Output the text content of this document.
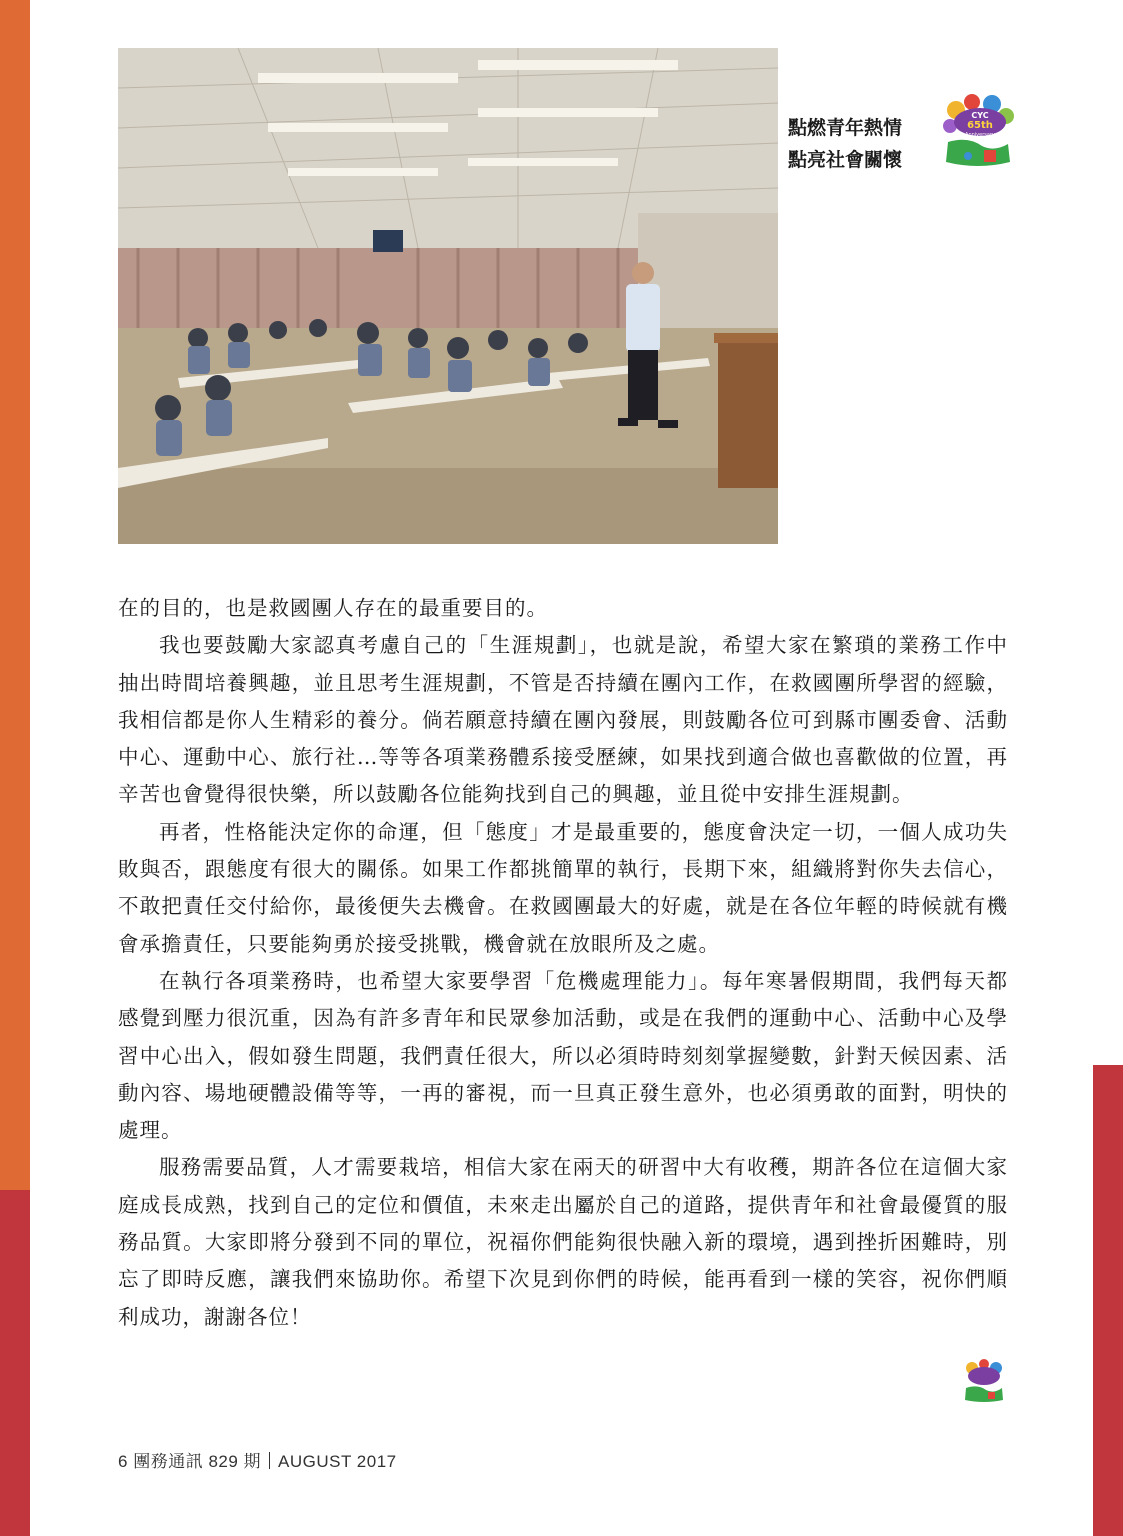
點燃青年熱情
點亮社會關懷
CYC
65th
Anniversary

在的目的，也是救國團人存在的最重要目的。

我也要鼓勵大家認真考慮自己的「生涯規劃」，也就是說，希望大家在繁瑣的業務工作中抽出時間培養興趣，並且思考生涯規劃，不管是否持續在團內工作，在救國團所學習的經驗，我相信都是你人生精彩的養分。倘若願意持續在團內發展，則鼓勵各位可到縣市團委會、活動中心、運動中心、旅行社…等等各項業務體系接受歷練，如果找到適合做也喜歡做的位置，再辛苦也會覺得很快樂，所以鼓勵各位能夠找到自己的興趣，並且從中安排生涯規劃。

再者，性格能決定你的命運，但「態度」才是最重要的，態度會決定一切，一個人成功失敗與否，跟態度有很大的關係。如果工作都挑簡單的執行，長期下來，組織將對你失去信心，不敢把責任交付給你，最後便失去機會。在救國團最大的好處，就是在各位年輕的時候就有機會承擔責任，只要能夠勇於接受挑戰，機會就在放眼所及之處。

在執行各項業務時，也希望大家要學習「危機處理能力」。每年寒暑假期間，我們每天都感覺到壓力很沉重，因為有許多青年和民眾參加活動，或是在我們的運動中心、活動中心及學習中心出入，假如發生問題，我們責任很大，所以必須時時刻刻掌握變數，針對天候因素、活動內容、場地硬體設備等等，一再的審視，而一旦真正發生意外，也必須勇敢的面對，明快的處理。

服務需要品質，人才需要栽培，相信大家在兩天的研習中大有收穫，期許各位在這個大家庭成長成熟，找到自己的定位和價值，未來走出屬於自己的道路，提供青年和社會最優質的服務品質。大家即將分發到不同的單位，祝福你們能夠很快融入新的環境，遇到挫折困難時，別忘了即時反應，讓我們來協助你。希望下次見到你們的時候，能再看到一樣的笑容，祝你們順利成功，謝謝各位！

6 團務通訊 829 期 AUGUST 2017
